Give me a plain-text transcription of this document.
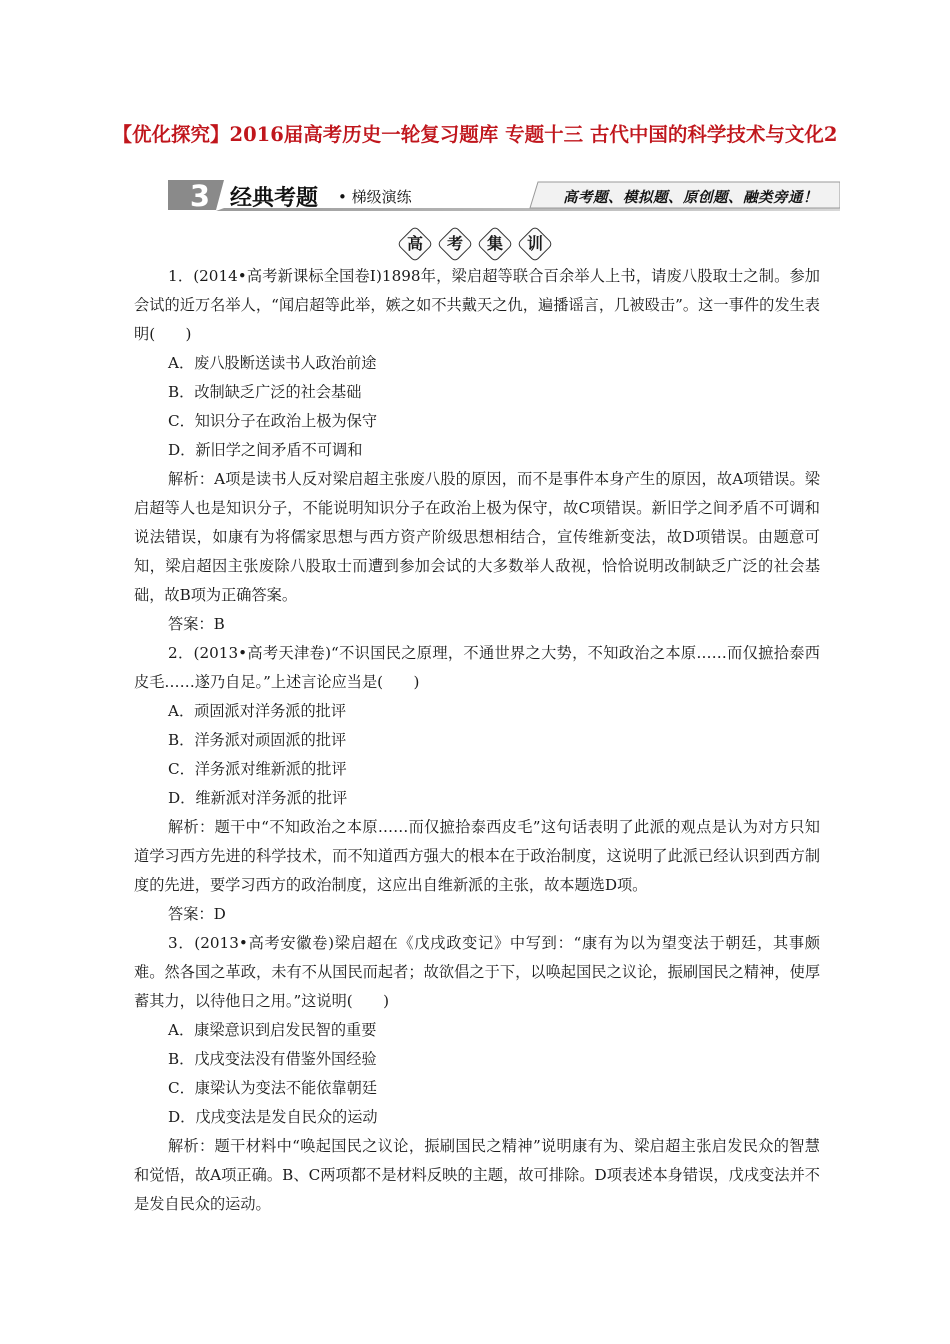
【优化探究】2016届高考历史一轮复习题库 专题十三 古代中国的科学技术与文化2
3 经典考题 • 梯级演练	高考题、模拟题、原创题、融类旁通！
高 考 集 训

1．(2014•高考新课标全国卷Ⅰ)1898年，梁启超等联合百余举人上书，请废八股取士之制。参加会试的近万名举人，“闻启超等此举，嫉之如不共戴天之仇，遍播谣言，几被殴击”。这一事件的发生表明(　　)

A．废八股断送读书人政治前途

B．改制缺乏广泛的社会基础

C．知识分子在政治上极为保守

D．新旧学之间矛盾不可调和

解析：A项是读书人反对梁启超主张废八股的原因，而不是事件本身产生的原因，故A项错误。梁启超等人也是知识分子，不能说明知识分子在政治上极为保守，故C项错误。新旧学之间矛盾不可调和说法错误，如康有为将儒家思想与西方资产阶级思想相结合，宣传维新变法，故D项错误。由题意可知，梁启超因主张废除八股取士而遭到参加会试的大多数举人敌视，恰恰说明改制缺乏广泛的社会基础，故B项为正确答案。

答案：B

2．(2013•高考天津卷)“不识国民之原理，不通世界之大势，不知政治之本原……而仅摭拾泰西皮毛……遂乃自足。”上述言论应当是(　　)

A．顽固派对洋务派的批评

B．洋务派对顽固派的批评

C．洋务派对维新派的批评

D．维新派对洋务派的批评

解析：题干中“不知政治之本原……而仅摭拾泰西皮毛”这句话表明了此派的观点是认为对方只知道学习西方先进的科学技术，而不知道西方强大的根本在于政治制度，这说明了此派已经认识到西方制度的先进，要学习西方的政治制度，这应出自维新派的主张，故本题选D项。

答案：D

3．(2013•高考安徽卷)梁启超在《戊戌政变记》中写到：“康有为以为望变法于朝廷，其事颇难。然各国之革政，未有不从国民而起者；故欲倡之于下，以唤起国民之议论，振刷国民之精神，使厚蓄其力，以待他日之用。”这说明(　　)

A．康梁意识到启发民智的重要

B．戊戌变法没有借鉴外国经验

C．康梁认为变法不能依靠朝廷

D．戊戌变法是发自民众的运动

解析：题干材料中“唤起国民之议论，振刷国民之精神”说明康有为、梁启超主张启发民众的智慧和觉悟，故A项正确。B、C两项都不是材料反映的主题，故可排除。D项表述本身错误，戊戌变法并不是发自民众的运动。
